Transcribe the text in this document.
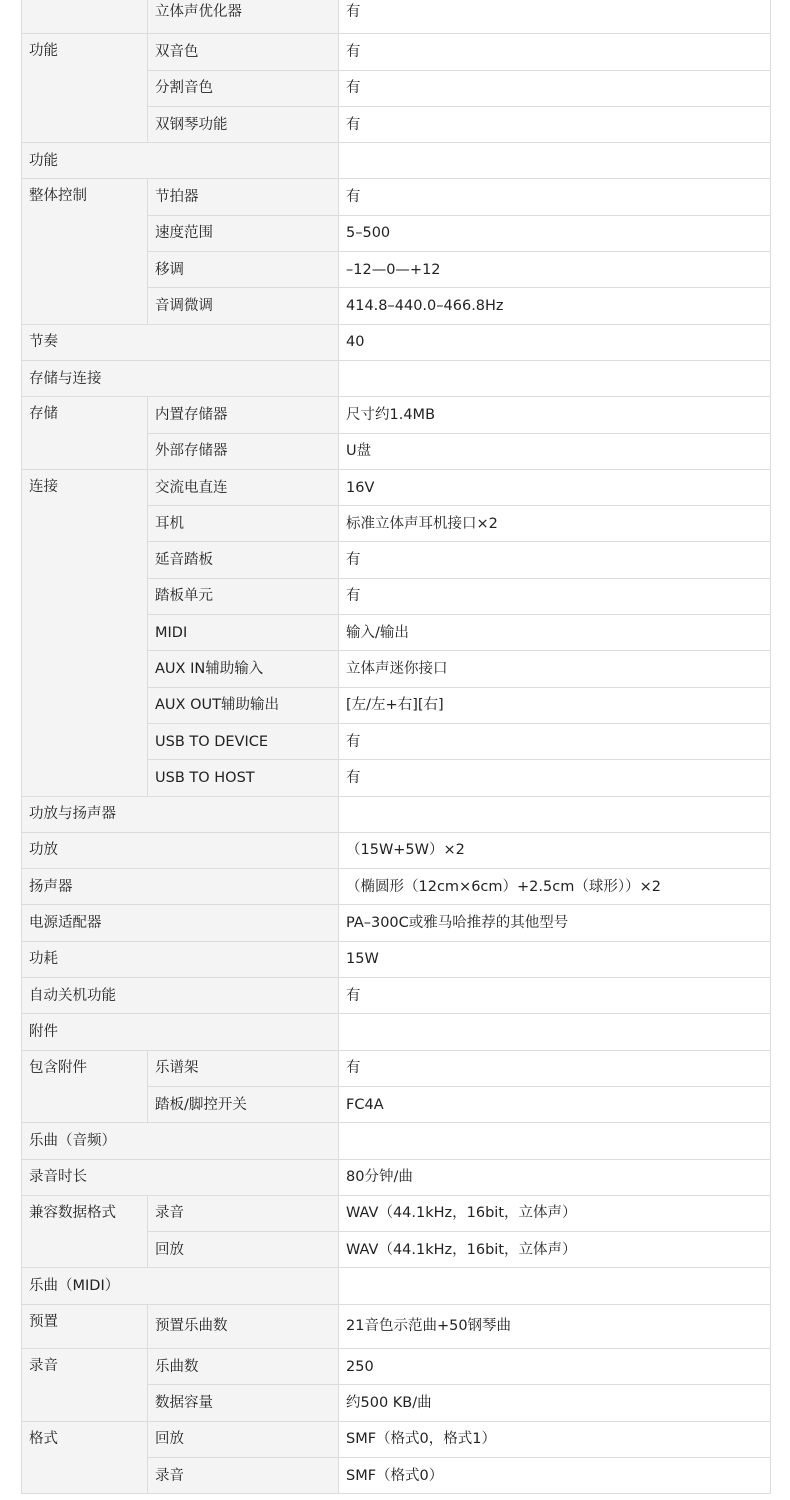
	立体声优化器	有
功能	双音色	有
	分割音色	有
	双钢琴功能	有
功能		
整体控制	节拍器	有
	速度范围	5–500
	移调	–12—0—+12
	音调微调	414.8–440.0–466.8Hz
节奏		40
存储与连接		
存储	内置存储器	尺寸约1.4MB
	外部存储器	U盘
连接	交流电直连	16V
	耳机	标准立体声耳机接口×2
	延音踏板	有
	踏板单元	有
	MIDI	输入/输出
	AUX IN辅助输入	立体声迷你接口
	AUX OUT辅助输出	[左/左+右][右]
	USB TO DEVICE	有
	USB TO HOST	有
功放与扬声器		
功放		（15W+5W）×2
扬声器		（椭圆形（12cm×6cm）+2.5cm（球形））×2
电源适配器		PA–300C或雅马哈推荐的其他型号
功耗		15W
自动关机功能		有
附件		
包含附件	乐谱架	有
	踏板/脚控开关	FC4A
乐曲（音频）		
录音时长		80分钟/曲
兼容数据格式	录音	WAV（44.1kHz，16bit，立体声）
	回放	WAV（44.1kHz，16bit，立体声）
乐曲（MIDI）		
预置	预置乐曲数	21音色示范曲+50钢琴曲
录音	乐曲数	250
	数据容量	约500 KB/曲
格式	回放	SMF（格式0，格式1）
	录音	SMF（格式0）
